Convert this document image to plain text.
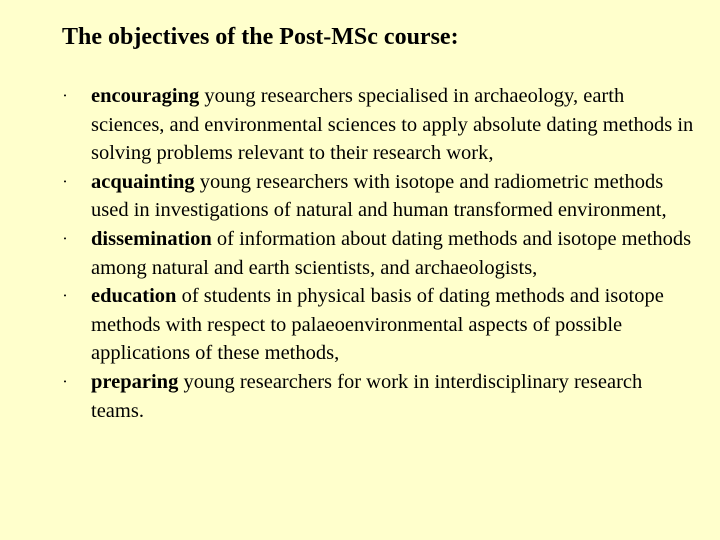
The objectives of the Post-MSc course:
∙ encouraging young researchers specialised in archaeology, earth sciences, and environmental sciences to apply absolute dating methods in solving problems relevant to their research work,
∙ acquainting young researchers with isotope and radiometric methods used in investigations of natural and human transformed environment,
∙ dissemination of information about dating methods and isotope methods among natural and earth scientists, and archaeologists,
∙ education of students in physical basis of dating methods and isotope methods with respect to palaeoenvironmental aspects of possible applications of these methods,
∙ preparing young researchers for work in interdisciplinary research teams.
